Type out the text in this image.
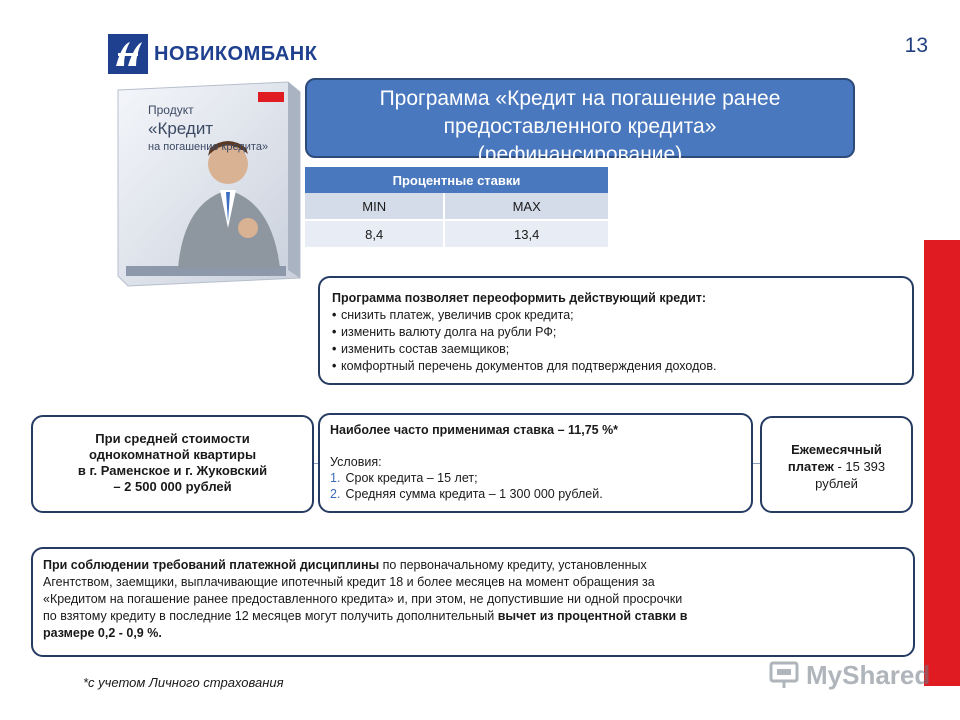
НОВИКОМБАНК	13
Продукт
«Кредит
на погашение кредита»
Программа «Кредит на погашение ранее
предоставленного кредита»
(рефинансирование)
Процентные ставки	
MIN	MAX
8,4	13,4
Программа позволяет переоформить действующий кредит:
• снизить платеж, увеличив срок кредита;
• изменить валюту долга на рубли РФ;
• изменить состав заемщиков;
• комфортный перечень документов для подтверждения доходов.
При средней стоимости
однокомнатной квартиры
в г. Раменское и г. Жуковский
– 2 500 000 рублей
Наиболее часто применимая ставка – 11,75 %*
Условия:
1. Срок кредита – 15 лет;
2. Средняя сумма кредита – 1 300 000 рублей.
Ежемесячный
платеж - 15 393
рублей
При соблюдении требований платежной дисциплины по первоначальному кредиту, установленных
Агентством, заемщики, выплачивающие ипотечный кредит 18 и более месяцев на момент обращения за
«Кредитом на погашение ранее предоставленного кредита» и, при этом, не допустившие ни одной просрочки
по взятому кредиту в последние 12 месяцев могут получить дополнительный вычет из процентной ставки в
размере 0,2 - 0,9 %.
*с учетом Личного страхования	MyShared
